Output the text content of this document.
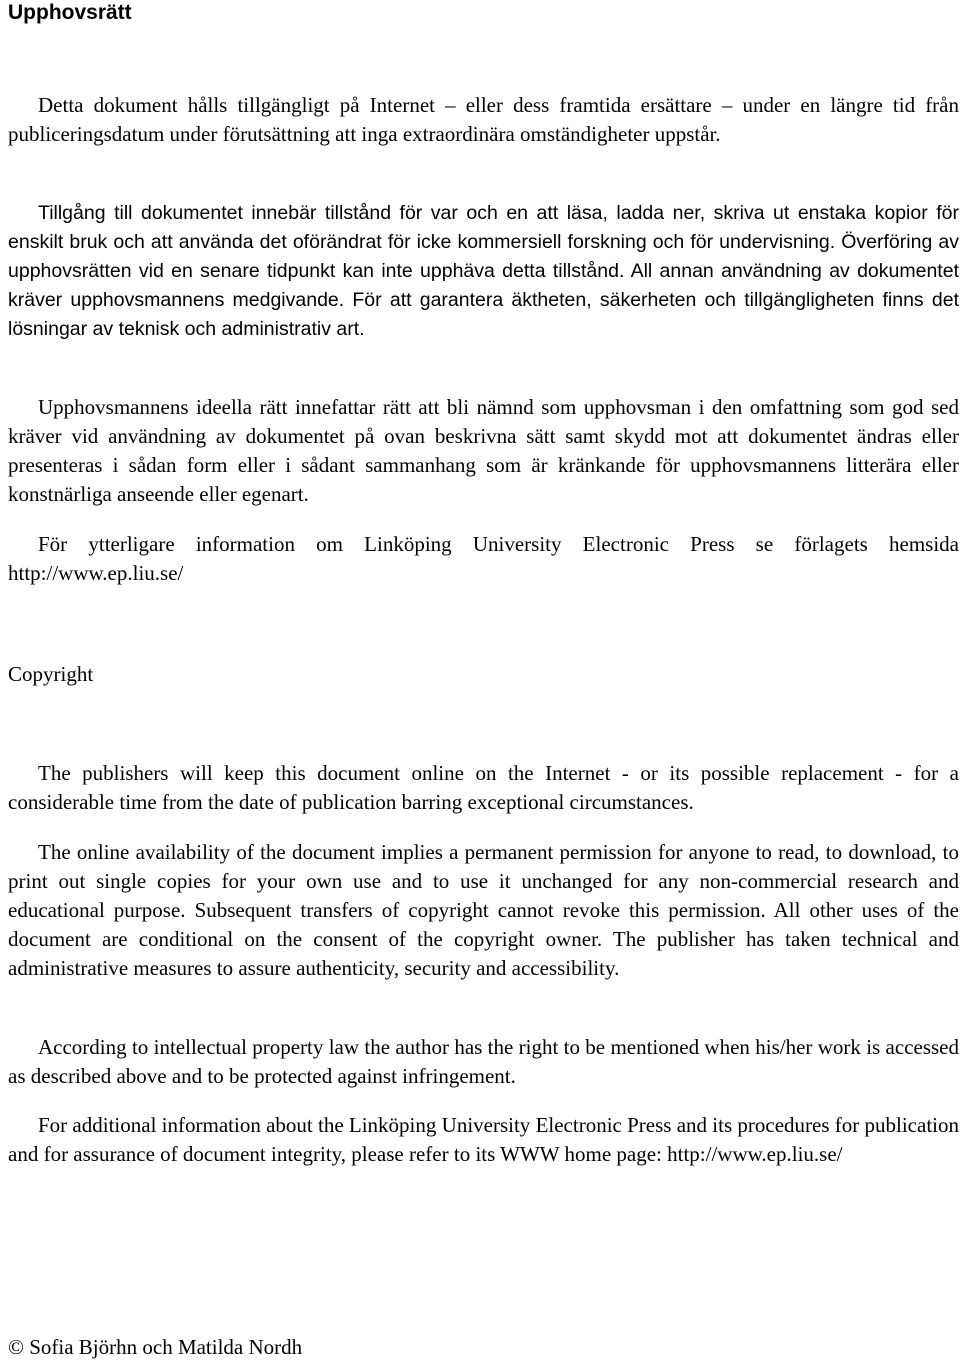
Upphovsrätt

Detta dokument hålls tillgängligt på Internet – eller dess framtida ersättare – under en längre tid från publiceringsdatum under förutsättning att inga extraordinära omständigheter uppstår.

Tillgång till dokumentet innebär tillstånd för var och en att läsa, ladda ner, skriva ut enstaka kopior för enskilt bruk och att använda det oförändrat för icke kommersiell forskning och för undervisning. Överföring av upphovsrätten vid en senare tidpunkt kan inte upphäva detta tillstånd. All annan användning av dokumentet kräver upphovsmannens medgivande. För att garantera äktheten, säkerheten och tillgängligheten finns det lösningar av teknisk och administrativ art.

Upphovsmannens ideella rätt innefattar rätt att bli nämnd som upphovsman i den omfattning som god sed kräver vid användning av dokumentet på ovan beskrivna sätt samt skydd mot att dokumentet ändras eller presenteras i sådan form eller i sådant sammanhang som är kränkande för upphovsmannens litterära eller konstnärliga anseende eller egenart.

För ytterligare information om Linköping University Electronic Press se förlagets hemsida http://www.ep.liu.se/

Copyright

The publishers will keep this document online on the Internet - or its possible replacement - for a considerable time from the date of publication barring exceptional circumstances.

The online availability of the document implies a permanent permission for anyone to read, to download, to print out single copies for your own use and to use it unchanged for any non-commercial research and educational purpose. Subsequent transfers of copyright cannot revoke this permission. All other uses of the document are conditional on the consent of the copyright owner. The publisher has taken technical and administrative measures to assure authenticity, security and accessibility.

According to intellectual property law the author has the right to be mentioned when his/her work is accessed as described above and to be protected against infringement.

For additional information about the Linköping University Electronic Press and its procedures for publication and for assurance of document integrity, please refer to its WWW home page: http://www.ep.liu.se/

© Sofia Björhn och Matilda Nordh
